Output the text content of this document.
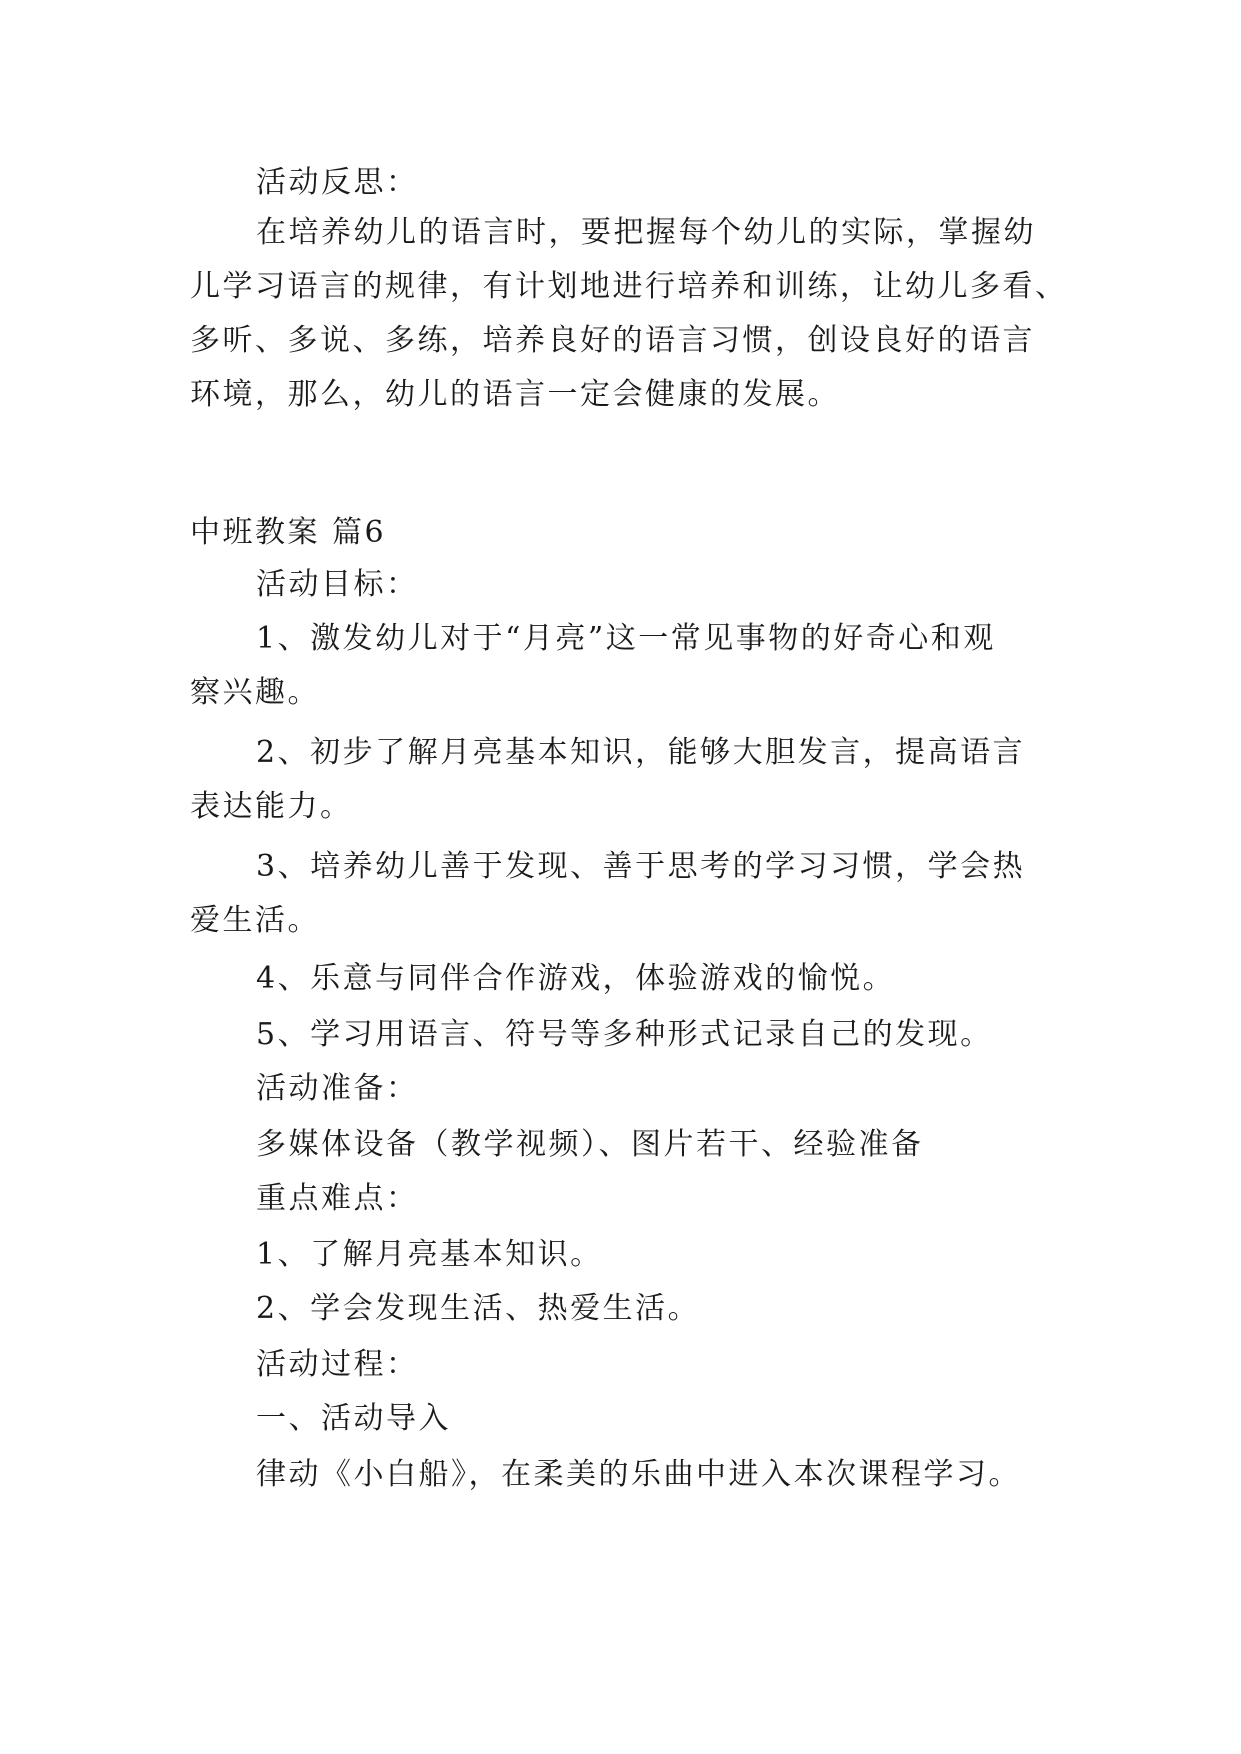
活动反思：
在培养幼儿的语言时，要把握每个幼儿的实际，掌握幼
儿学习语言的规律，有计划地进行培养和训练，让幼儿多看、
多听、多说、多练，培养良好的语言习惯，创设良好的语言
环境，那么，幼儿的语言一定会健康的发展。
中班教案 篇6
活动目标：
1、激发幼儿对于“月亮”这一常见事物的好奇心和观
察兴趣。
2、初步了解月亮基本知识，能够大胆发言，提高语言
表达能力。
3、培养幼儿善于发现、善于思考的学习习惯，学会热
爱生活。
4、乐意与同伴合作游戏，体验游戏的愉悦。
5、学习用语言、符号等多种形式记录自己的发现。
活动准备：
多媒体设备（教学视频）、图片若干、经验准备
重点难点：
1、了解月亮基本知识。
2、学会发现生活、热爱生活。
活动过程：
一、活动导入
律动《小白船》，在柔美的乐曲中进入本次课程学习。
